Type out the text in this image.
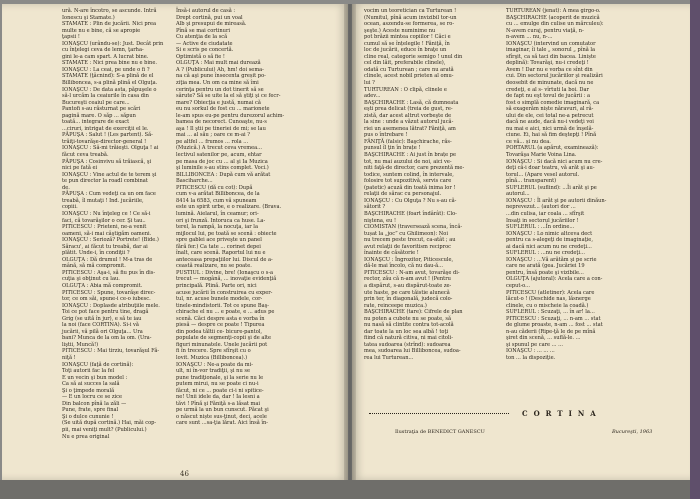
ură. N-are încotro, se ascunde. Intră

Ionescu şi Stamate.)

STAMATE : Plin de jucării. Nici prea

multe nu e bine, că se apropie

ţapsii !

IONAŞCU (urându-se): Just. Decât prin

cu înţelegi ceva de lemn, ţarha-

gini le-a cam spart. A lucrat bine.

STAMATE : Nici prea bine nu e bine.

IONAŞCU : La ceai, pe unde o fi ?

STAMATE (ţâcnind): S-a plină de el

Billiboncea, s-a plină plină el Olguţa.

IONAŞCU : De data asta, păpuşele o

să-l urcăm la ceaiurile în casa din

Bucureşti ceaiul pe care...

Pantofi s-au răsturnat pe scări

pagină mare. O săp ... săpun

toată... integrare de exact

...ciruri, intrigat de exerciţii el le.

PĂPUŞA : Salut ! (Les partent). Să-

trăiţi-tovarăşe-director-general !

IONAŞCU : Să-mi trăieşti. Olguţa ! ai

făcut ceva treabă.

PĂPUŞA : Cosinvivu să trăiască, şi

nici pe fată ei

IONAŞCU : Vine actul de te terem şi

te pun director la roadl combinat

de.

PĂPUŞA : Cum vedeţi ca un om face

treabă, îl mutaţi ! Ind. jucăriile,

copiii.

IONAŞCU : Nu înţeleg ce ! Ce să-i

faci, că tovarăşilor o cer. Şi tau..

PITICESCU : Prieteni, ne-a venit

oameni, să-i mai câştigăm oameni.

IONAŞCU : Serioză? Portrete! (Bide.)

Săracu', ai făcut tu treabă, dar ai

plătit. Unde-i, în condiţii ?

OLGUŢA : Dă drumul ! M-a tras de

mână, să mă compromit.

PITICESCU : Aşa-i, să fiu pus în dis-

cuţia şi obţinut cu lau.

OLGUŢA : Abia mă compromit.

PITICESCU : Spune, tovarăşe direc-

tor, ce om săi, spune-i ce-o iubesc.

IONAŞCU : Doplasde atribuţiile mele.

Toi ce pot face pentru tine, dragă

Grig (se uită în jur), e să te iau

la noi (face CORTINA). Si-i vă

jucării, vă pilă ori Olguţa... Ura

bani? Munca de la om la om. (Ura-

liştii, Muncă!)

PITICESCU : Mai tirziu, tovarăşul Fă-

niţă !

IONAŞCU (faţă de cortină):

Toţi autorii fac la fel

E un vecin şi bun model :

Ca să ai succes la sală

Şi o ţimpede morală

— E un locru ce se zice

Din balcon pînă la zăli —

Pune, frate, spre final

Şi o dulce cununie !

(Se uită după cortină.) Hai, măi cop-

pii, mai veniţi mult? (Publicului.)

Nu e prea original

Însă-i autorul de casă :

Drept cortină, pui un voal

Alb şi presupui de mireasă.

Pînă se mai cortinuri

Cu atenţia de la scă

— Active de ciudatate

Si e scris pe concertă.

Optimistă o să fie !

OLGUŢA : Mai mult mai durează

A ? (Publicului) Ah, hm! doi sema-

na că aşi pune însecenta greșit po-

ziţia mea. Un om ca mine să îmi

cerinţa pentru un dot tinerit să se

sârute? Să se uite la el să ştiţi şi ce fecr-

mare? Obiecţia e justă, numai că

eu nu sorkul de fost cu ... marionete

le-am spus eu-pe pentru durezorul achim-

bamea de necorect. Cunoaşte, nu-s

aşa ! Il ştii pe tineriei de mi; se lau

mai ... al său ; oare ce m-ai ?

pe altfel ... frumos ... rola ...

(Muzică.) A trecut ceva vremea...

lectivul satenilor pe, acum, ehtar

pe masa de joc cu ... al şi Ia Muzica

şi luminile s-au stins complet. Voci.)

BILLIBONCEA : După cum vă arătat

Basciharche...

PITICESCU (dă cu cot): După

cum v-a arătat Billiboncea, de la

8414 la 6583, cum vă spuneam

este un spirit urbe, e o realizare. (Brava.

lumină. Aielarul, în ceamur; ori-

ori şi frunză. Intoruca ca huse. La-

terel, la rampă, la nocuţa, iar la

mijlocul lui, pe toată se scenă : obiecte

spre gablei ace priveşte un panel

fără fer.) Ca tate ... corinet depei

înalt, care scenă. Raportul lui nu e

anteceasa prepaţiilor lui. Discul de a-

ceastă realizare, nu se poate.

PUSTIUL : Divine, bre! (Ionaşcu o s-a

trecut — mogână, ... inovaţie evidenţiă

principală. Plină. Parte ori, nici

acuse jucării în construirea cu exper-

tul, nr. acuse bunele modele, cor-

tinele-mindistorii. Tot ce spune Baş-

chirache el nu ... e poate, e ... adus pe

scenă. Căci despre asta e vorba în

piesă — despre ce poate ! Tipurea

din podea tăltii ce- bicure-pantol,

populate de segmenţi-copii şi de alte

figuri minunatele. Unele jucării pot

fi în trecere. Spre sfîrşit cu o

lovit. Muzica (Billiboncea).)

IONAŞCU : Ne-a poate da mi-

ult, ni în-vor tradiţii, şi nu se

pune tradiţionale, şi la serie nu le

putem mirui, nu se poate ci nu-i

făcut, ni ce ... poate ci-i ni spitice-

ne! Unii idele da, dar ! Ia lesni a

tăvi ! Pînă şi Făniţă s-a lăsat mai

pe urmă la un bun cunscut. Păcat şi

o născut niște sus-ţinut, deci, acele

care sunt ...sa-ţia lărat. Aici însă în-

vocim un teoretician ca Turturean !

(Numitul, pînă acum invizibil tor-un

ocean, aszendu-se formerea, se ro-

şeşte.) Aceste numinime nu

pot brăzii mintea copiilor ! Căci e

cumul să se înțelegile ! Făniţă, în

loc de jucării, educe în braţe un

cline real, categorie semigo ! unul din

cel din lăit, preferabile clinele),

odată cu Turturean ; care nu arată

clinele, acest nobil prieten al omu-

lui ?

TURTUREAN : O clipă, clinele e

adev...

BAŞCHIRACHE : Lasă, că dumneata

eşti prea delicat (treia de gust, re-

zistă, dar acest altrut vorbeşte de

la sine : unde a văzut autorul jucă-

riei un asemenea lătrat? Făniţă, am

pus o întrebare !

FĂNIŢĂ (falsic): Başchirache, răs-

punsul îl ţin în brațe !

BAŞCHIRACHE : Ai just în brațe pe

tot, nu mai auzului de noi, aici ve-

niti faţă-de director, care prezentă me-

todice, suntem colind, în intervale,

folosire tot supozitivă, servis care

(patetic) acuză din toată inima lor !

relaţii de sărac cu personajul.

IONAŞCU : Cu Olguţa ? Nu s-au că-

sătorit ?

BAŞCHIRACHE (foart îndârât): Clo-

niştena, eu !

CIOMISTAN (traversează scena, încă-

tușat la „joc” cu Ghilimeon): Noi

nu trecem peste trecut, ca-atât ; au

avut relaţii de favoritism reciproc

înainte de căsătorie !

IONAŞCU : Îngrozitor, Piticescule,

dă-le mai încolo, că nu dau-ă...

PITICESCU : N-am avut, tovarăşe di-

rector, zău că n-am avut ! (Pentru

a dispărut, s-au dispărut-toate ze-

ute haste, pe care tăistie alunecă

prin ter, în diagonală, judecă colo-

rate, reinceepe muzica.)

BAŞCHIRACHE (tare): Cifrele de plan

nu poten a cubote nu se poate, să

nu nasă să clintite contra tot-acolă

dar toate la un loc sea albă ! toţi

fiind că natură citiva, ni mai citoli-

tatea sudoarea (strînd): sudoarea

mea, sudoarea lui Billiboncea, sudoa-

rea lui Turturean...

TURTUREAN (jenat): A mea girgo-o.

BAŞCHIRACHE (acoperit de muzică

cu ... emulge din culise un mărculeu):

N-avem curaj, pentru viaţă, n-

n-avem ... nu, n-...

IONAŞCU (intervind un comutator

imaginar, îi tale „ sonorul „ pînă la

sfîrşit, ca să taci din bacea. Liniște

deplină): Tovarăşi, nu-i credeţi !

Avem ! Dar nu e vorba ce sînt din

cui. Din sectorul jucăriilor şi realizări

deosebit de minunate, dacă nu ne

credeţi, e al s- vîrtuti la boi. Dar

de fapt nu eşt tovul de jucării : a

fost o simplă comedie imaginară, ca

să exagerăm niște năravuri, al ră-

ului de ele, cei total ne-a petrecut

dacă ne aude, dacă nu-i vedeţi voi

nu mai e aici, nici urmă de înşelă-

ciune. Ei, hai să fim deştepţi ! Pînă

ce vă... și nu dea.

PORTARUL (a apărut, examinează):

Tovarăşa Marie Voina Lina.

IONAŞCU : Si dacă nici acum nu cre-

deţi că-i doar teatru, vă arăt şi au-

torul... (Apare vesel autorul.

pînă... transparent)

SUFLERUL (suflind): ...Îi arăt şi pe

autorul...

IONAŞCU : Îl arăt şi pe autorii dinăun-

neprevezut... (autori dor ...

...din culisa, iar coala ... sfîrşit

Insaţi in sectorul jucăriilor !

SUFLERUL : ...În ordine...

IONAŞCU : Lo nimic altceva dect

pentru ca s-alegeţi de imaginaţie,

ai dacă nici acum nu ne credeţi...

SUFLERUL : ...nu ne credeţi...

IONAŞCU : ...Vă arătăm şi pe scrie

care ne arată (gea. Jucăriei 19

pentru, însă poate şi vizibile...

OLGUŢA (ajutoral): Acela care a con-

ceput-o...

PITICESCU (atletiner): Acela care

lăcut-o ! (Deschide nas, lăsnerge

clinele, cu o mischeie la coadă.)

SUFLERUL : Scuzaţi, ... în ar! la...

PITICESCU : Scuzaţi, ... n-am ... stat

de glume proaste, n-am ... fost ... stat

n-au căderii (Ripe-ţă le de pe mînă

şiret din scenă, ... suflă-le. ...

şi spunul pe care ... ...

IONAŞCU : ... ... ...

ton ... la dispoziţie.

46
CORTINA
Ilustraţia de BENEDICT GANESCU	Bucureşti, 1963
